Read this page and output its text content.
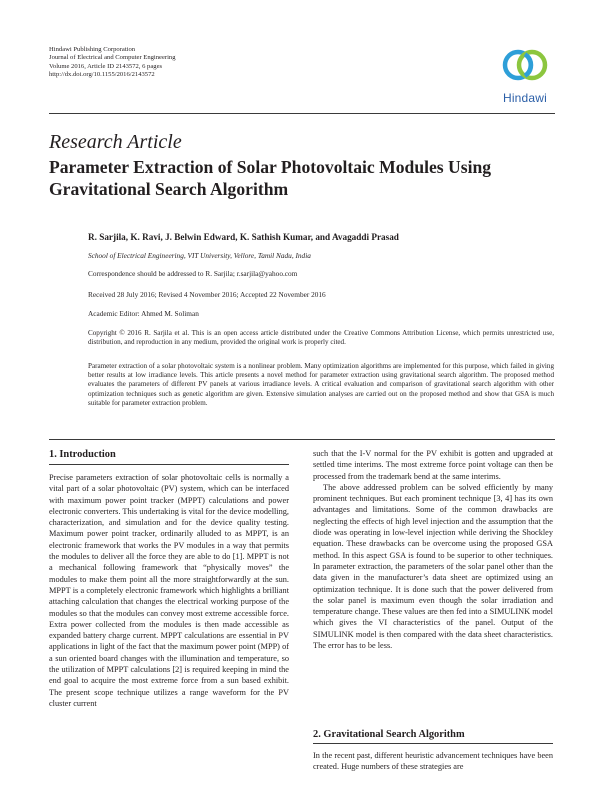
Hindawi Publishing Corporation
Journal of Electrical and Computer Engineering
Volume 2016, Article ID 2143572, 6 pages
http://dx.doi.org/10.1155/2016/2143572
Hindawi
Research Article
Parameter Extraction of Solar Photovoltaic Modules Using Gravitational Search Algorithm
R. Sarjila, K. Ravi, J. Belwin Edward, K. Sathish Kumar, and Avagaddi Prasad
School of Electrical Engineering, VIT University, Vellore, Tamil Nadu, India
Correspondence should be addressed to R. Sarjila; r.sarjila@yahoo.com
Received 28 July 2016; Revised 4 November 2016; Accepted 22 November 2016
Academic Editor: Ahmed M. Soliman
Copyright © 2016 R. Sarjila et al. This is an open access article distributed under the Creative Commons Attribution License, which permits unrestricted use, distribution, and reproduction in any medium, provided the original work is properly cited.
Parameter extraction of a solar photovoltaic system is a nonlinear problem. Many optimization algorithms are implemented for this purpose, which failed in giving better results at low irradiance levels. This article presents a novel method for parameter extraction using gravitational search algorithm. The proposed method evaluates the parameters of different PV panels at various irradiance levels. A critical evaluation and comparison of gravitational search algorithm with other optimization techniques such as genetic algorithm are given. Extensive simulation analyses are carried out on the proposed method and show that GSA is much suitable for parameter extraction problem.
1. Introduction

Precise parameters extraction of solar photovoltaic cells is normally a vital part of a solar photovoltaic (PV) system, which can be interfaced with maximum power point tracker (MPPT) calculations and power electronic converters. This undertaking is vital for the device modelling, characterization, and simulation and for the device quality testing. Maximum power point tracker, ordinarily alluded to as MPPT, is an electronic framework that works the PV modules in a way that permits the modules to deliver all the force they are able to do [1]. MPPT is not a mechanical following framework that “physically moves” the modules to make them point all the more straightforwardly at the sun. MPPT is a completely electronic framework which highlights a brilliant attaching calculation that changes the electrical working purpose of the modules so that the modules can convey most extreme accessible force. Extra power collected from the modules is then made accessible as expanded battery charge current. MPPT calculations are essential in PV applications in light of the fact that the maximum power point (MPP) of a sun oriented board changes with the illumination and temperature, so the utilization of MPPT calculations [2] is required keeping in mind the end goal to acquire the most extreme force from a sun based exhibit. The present scope technique utilizes a range waveform for the PV cluster current

such that the I-V normal for the PV exhibit is gotten and upgraded at settled time interims. The most extreme force point voltage can then be processed from the trademark bend at the same interims.

The above addressed problem can be solved efficiently by many prominent techniques. But each prominent technique [3, 4] has its own advantages and limitations. Some of the common drawbacks are neglecting the effects of high level injection and the assumption that the diode was operating in low-level injection while deriving the Shockley equation. These drawbacks can be overcome using the proposed GSA method. In this aspect GSA is found to be superior to other techniques. In parameter extraction, the parameters of the solar panel other than the data given in the manufacturer’s data sheet are optimized using an optimization technique. It is done such that the power delivered from the solar panel is maximum even though the solar irradiation and temperature change. These values are then fed into a SIMULINK model which gives the VI characteristics of the panel. Output of the SIMULINK model is then compared with the data sheet characteristics. The error has to be less.

2. Gravitational Search Algorithm

In the recent past, different heuristic advancement techniques have been created. Huge numbers of these strategies are
